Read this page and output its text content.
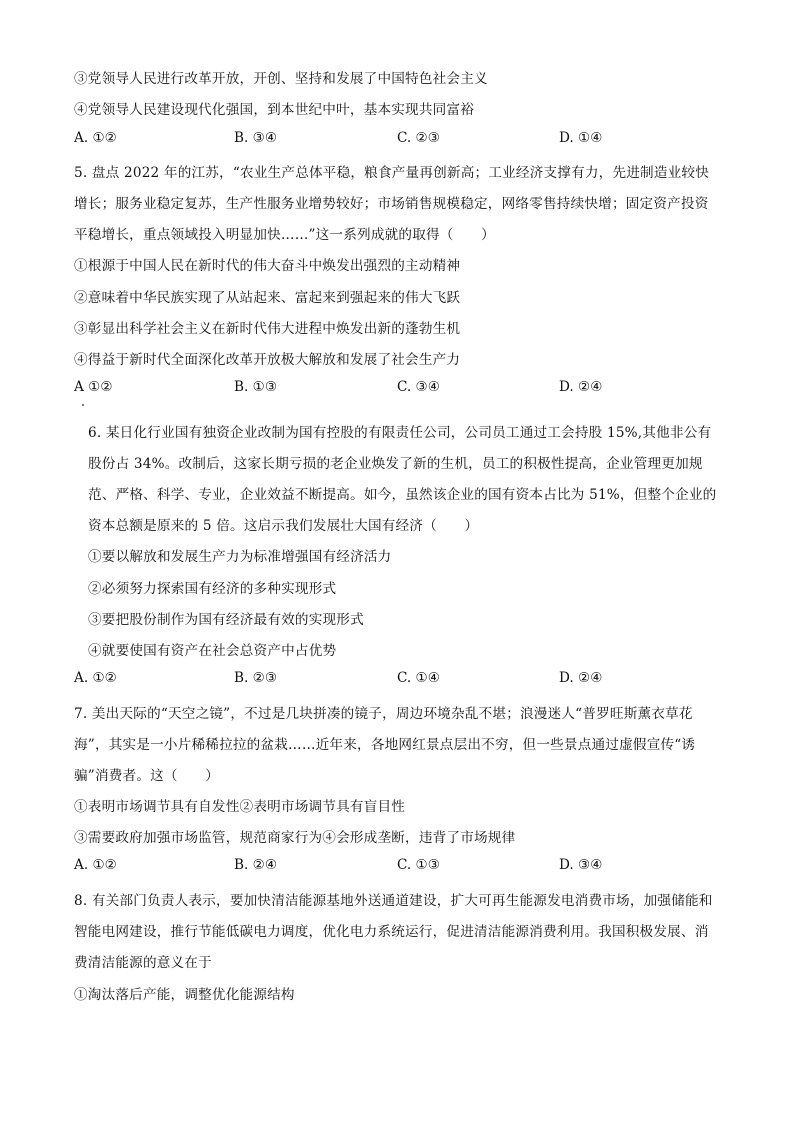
③党领导人民进行改革开放，开创、坚持和发展了中国特色社会主义
④党领导人民建设现代化强国，到本世纪中叶，基本实现共同富裕
A. ①②	B. ③④	C. ②③	D. ①④
5. 盘点 2022 年的江苏，“农业生产总体平稳，粮食产量再创新高；工业经济支撑有力，先进制造业较快
增长；服务业稳定复苏，生产性服务业增势较好；市场销售规模稳定，网络零售持续快增；固定资产投资
平稳增长，重点领域投入明显加快……”这一系列成就的取得（　　）
①根源于中国人民在新时代的伟大奋斗中焕发出强烈的主动精神
②意味着中华民族实现了从站起来、富起来到强起来的伟大飞跃
③彰显出科学社会主义在新时代伟大进程中焕发出新的蓬勃生机
④得益于新时代全面深化改革开放极大解放和发展了社会生产力
A ①②	B. ①③	C. ③④	D. ②④
6. 某日化行业国有独资企业改制为国有控股的有限责任公司，公司员工通过工会持股 15%,其他非公有
股份占 34%。改制后，这家长期亏损的老企业焕发了新的生机，员工的积极性提高，企业管理更加规
范、严格、科学、专业，企业效益不断提高。如今，虽然该企业的国有资本占比为 51%，但整个企业的
资本总额是原来的 5 倍。这启示我们发展壮大国有经济（　　）
①要以解放和发展生产力为标准增强国有经济活力
②必须努力探索国有经济的多种实现形式
③要把股份制作为国有经济最有效的实现形式
④就要使国有资产在社会总资产中占优势
A. ①②	B. ②③	C. ①④	D. ②④
7. 美出天际的“天空之镜”，不过是几块拼凑的镜子，周边环境杂乱不堪；浪漫迷人“普罗旺斯薰衣草花
海”，其实是一小片稀稀拉拉的盆栽……近年来，各地网红景点层出不穷，但一些景点通过虚假宣传“诱
骗”消费者。这（　　）
①表明市场调节具有自发性②表明市场调节具有盲目性
③需要政府加强市场监管，规范商家行为④会形成垄断，违背了市场规律
A. ①②	B. ②④	C. ①③	D. ③④
8. 有关部门负责人表示，要加快清洁能源基地外送通道建设，扩大可再生能源发电消费市场，加强储能和
智能电网建设，推行节能低碳电力调度，优化电力系统运行，促进清洁能源消费利用。我国积极发展、消
费清洁能源的意义在于
①淘汰落后产能，调整优化能源结构
